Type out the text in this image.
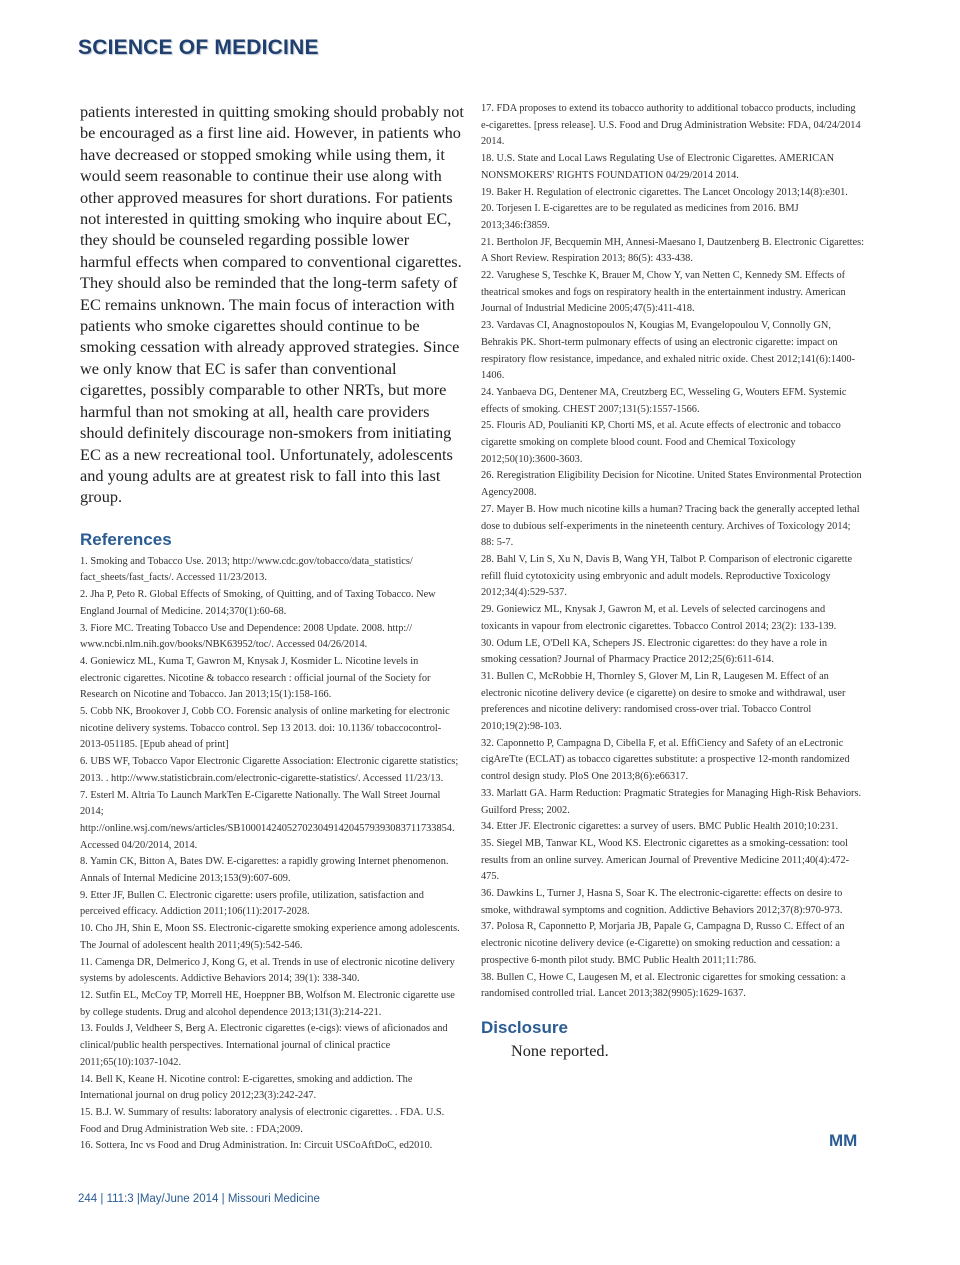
SCIENCE OF MEDICINE

patients interested in quitting smoking should probably not be encouraged as a first line aid. However, in patients who have decreased or stopped smoking while using them, it would seem reasonable to continue their use along with other approved measures for short durations. For patients not interested in quitting smoking who inquire about EC, they should be counseled regarding possible lower harmful effects when compared to conventional cigarettes. They should also be reminded that the long-term safety of EC remains unknown. The main focus of interaction with patients who smoke cigarettes should continue to be smoking cessation with already approved strategies. Since we only know that EC is safer than conventional cigarettes, possibly comparable to other NRTs, but more harmful than not smoking at all, health care providers should definitely discourage non-smokers from initiating EC as a new recreational tool. Unfortunately, adolescents and young adults are at greatest risk to fall into this last group.

References
1. Smoking and Tobacco Use. 2013; http://www.cdc.gov/tobacco/data_statistics/ fact_sheets/fast_facts/. Accessed 11/23/2013.
2. Jha P, Peto R. Global Effects of Smoking, of Quitting, and of Taxing Tobacco. New England Journal of Medicine. 2014;370(1):60-68.
3. Fiore MC. Treating Tobacco Use and Dependence: 2008 Update. 2008. http:// www.ncbi.nlm.nih.gov/books/NBK63952/toc/. Accessed 04/26/2014.
4. Goniewicz ML, Kuma T, Gawron M, Knysak J, Kosmider L. Nicotine levels in electronic cigarettes. Nicotine & tobacco research : official journal of the Society for Research on Nicotine and Tobacco. Jan 2013;15(1):158-166.
5. Cobb NK, Brookover J, Cobb CO. Forensic analysis of online marketing for electronic nicotine delivery systems. Tobacco control. Sep 13 2013. doi: 10.1136/ tobaccocontrol-2013-051185. [Epub ahead of print]
6. UBS WF, Tobacco Vapor Electronic Cigarette Association: Electronic cigarette statistics; 2013. . http://www.statisticbrain.com/electronic-cigarette-statistics/. Accessed 11/23/13.
7. Esterl M. Altria To Launch MarkTen E-Cigarette Nationally. The Wall Street Journal 2014; http://online.wsj.com/news/articles/SB10001424052702304914204579393083711733854. Accessed 04/20/2014, 2014.
8. Yamin CK, Bitton A, Bates DW. E-cigarettes: a rapidly growing Internet phenomenon. Annals of Internal Medicine 2013;153(9):607-609.
9. Etter JF, Bullen C. Electronic cigarette: users profile, utilization, satisfaction and perceived efficacy. Addiction 2011;106(11):2017-2028.
10. Cho JH, Shin E, Moon SS. Electronic-cigarette smoking experience among adolescents. The Journal of adolescent health 2011;49(5):542-546.
11. Camenga DR, Delmerico J, Kong G, et al. Trends in use of electronic nicotine delivery systems by adolescents. Addictive Behaviors 2014; 39(1): 338-340.
12. Sutfin EL, McCoy TP, Morrell HE, Hoeppner BB, Wolfson M. Electronic cigarette use by college students. Drug and alcohol dependence 2013;131(3):214-221.
13. Foulds J, Veldheer S, Berg A. Electronic cigarettes (e-cigs): views of aficionados and clinical/public health perspectives. International journal of clinical practice 2011;65(10):1037-1042.
14. Bell K, Keane H. Nicotine control: E-cigarettes, smoking and addiction. The International journal on drug policy 2012;23(3):242-247.
15. B.J. W. Summary of results: laboratory analysis of electronic cigarettes. . FDA. U.S. Food and Drug Administration Web site. : FDA;2009.
16. Sottera, Inc vs Food and Drug Administration. In: Circuit USCoAftDoC, ed2010.
17. FDA proposes to extend its tobacco authority to additional tobacco products, including e-cigarettes. [press release]. U.S. Food and Drug Administration Website: FDA, 04/24/2014 2014.
18. U.S. State and Local Laws Regulating Use of Electronic Cigarettes. AMERICAN NONSMOKERS' RIGHTS FOUNDATION 04/29/2014 2014.
19. Baker H. Regulation of electronic cigarettes. The Lancet Oncology 2013;14(8):e301.
20. Torjesen I. E-cigarettes are to be regulated as medicines from 2016. BMJ 2013;346:f3859.
21. Bertholon JF, Becquemin MH, Annesi-Maesano I, Dautzenberg B. Electronic Cigarettes: A Short Review. Respiration 2013; 86(5): 433-438.
22. Varughese S, Teschke K, Brauer M, Chow Y, van Netten C, Kennedy SM. Effects of theatrical smokes and fogs on respiratory health in the entertainment industry. American Journal of Industrial Medicine 2005;47(5):411-418.
23. Vardavas CI, Anagnostopoulos N, Kougias M, Evangelopoulou V, Connolly GN, Behrakis PK. Short-term pulmonary effects of using an electronic cigarette: impact on respiratory flow resistance, impedance, and exhaled nitric oxide. Chest 2012;141(6):1400-1406.
24. Yanbaeva DG, Dentener MA, Creutzberg EC, Wesseling G, Wouters EFM. Systemic effects of smoking. CHEST 2007;131(5):1557-1566.
25. Flouris AD, Poulianiti KP, Chorti MS, et al. Acute effects of electronic and tobacco cigarette smoking on complete blood count. Food and Chemical Toxicology 2012;50(10):3600-3603.
26. Reregistration Eligibility Decision for Nicotine. United States Environmental Protection Agency2008.
27. Mayer B. How much nicotine kills a human? Tracing back the generally accepted lethal dose to dubious self-experiments in the nineteenth century. Archives of Toxicology 2014; 88: 5-7.
28. Bahl V, Lin S, Xu N, Davis B, Wang YH, Talbot P. Comparison of electronic cigarette refill fluid cytotoxicity using embryonic and adult models. Reproductive Toxicology 2012;34(4):529-537.
29. Goniewicz ML, Knysak J, Gawron M, et al. Levels of selected carcinogens and toxicants in vapour from electronic cigarettes. Tobacco Control 2014; 23(2): 133-139.
30. Odum LE, O'Dell KA, Schepers JS. Electronic cigarettes: do they have a role in smoking cessation? Journal of Pharmacy Practice 2012;25(6):611-614.
31. Bullen C, McRobbie H, Thornley S, Glover M, Lin R, Laugesen M. Effect of an electronic nicotine delivery device (e cigarette) on desire to smoke and withdrawal, user preferences and nicotine delivery: randomised cross-over trial. Tobacco Control 2010;19(2):98-103.
32. Caponnetto P, Campagna D, Cibella F, et al. EffiCiency and Safety of an eLectronic cigAreTte (ECLAT) as tobacco cigarettes substitute: a prospective 12-month randomized control design study. PloS One 2013;8(6):e66317.
33. Marlatt GA. Harm Reduction: Pragmatic Strategies for Managing High-Risk Behaviors. Guilford Press; 2002.
34. Etter JF. Electronic cigarettes: a survey of users. BMC Public Health 2010;10:231.
35. Siegel MB, Tanwar KL, Wood KS. Electronic cigarettes as a smoking-cessation: tool results from an online survey. American Journal of Preventive Medicine 2011;40(4):472-475.
36. Dawkins L, Turner J, Hasna S, Soar K. The electronic-cigarette: effects on desire to smoke, withdrawal symptoms and cognition. Addictive Behaviors 2012;37(8):970-973.
37. Polosa R, Caponnetto P, Morjaria JB, Papale G, Campagna D, Russo C. Effect of an electronic nicotine delivery device (e-Cigarette) on smoking reduction and cessation: a prospective 6-month pilot study. BMC Public Health 2011;11:786.
38. Bullen C, Howe C, Laugesen M, et al. Electronic cigarettes for smoking cessation: a randomised controlled trial. Lancet 2013;382(9905):1629-1637.
Disclosure

None reported.

MM
244 | 111:3 |May/June 2014 | Missouri Medicine
